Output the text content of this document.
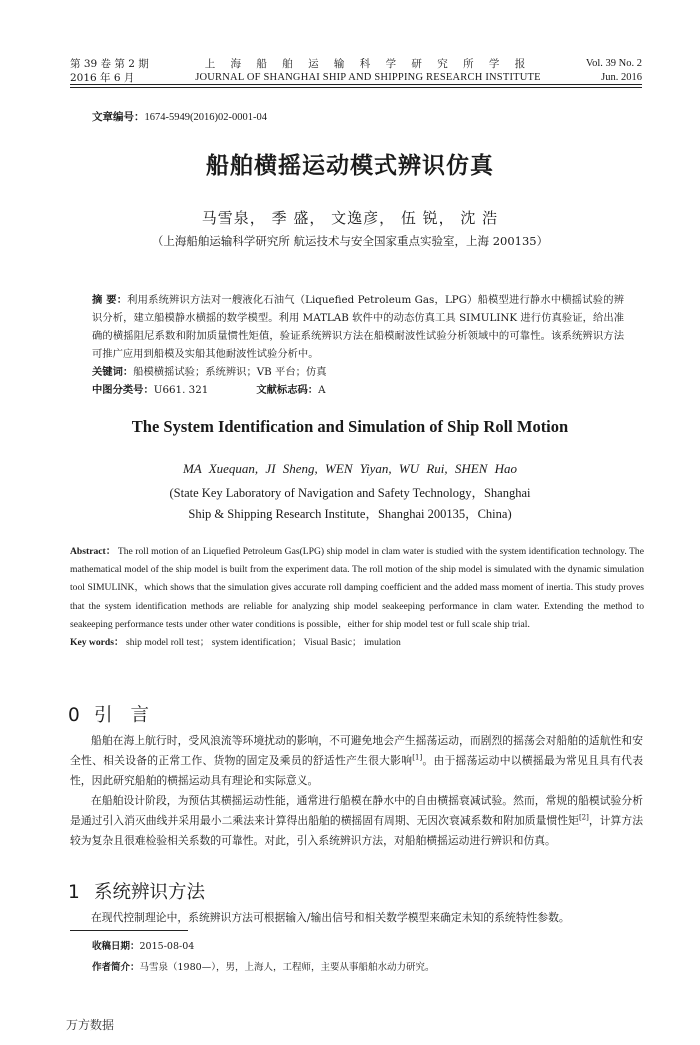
第 39 卷 第 2 期
2016 年 6 月
上 海 船 舶 运 输 科 学 研 究 所 学 报
JOURNAL OF SHANGHAI SHIP AND SHIPPING RESEARCH INSTITUTE
Vol. 39 No. 2
Jun. 2016
文章编号：1674-5949(2016)02-0001-04
船舶横摇运动模式辨识仿真
马雪泉， 季 盛， 文逸彦， 伍 锐， 沈 浩
（上海船舶运输科学研究所 航运技术与安全国家重点实验室，上海 200135）
摘 要：利用系统辨识方法对一艘液化石油气（Liquefied Petroleum Gas，LPG）船模型进行静水中横摇试验的辨识分析，建立船模静水横摇的数学模型。利用 MATLAB 软件中的动态仿真工具 SIMULINK 进行仿真验证，给出准确的横摇阻尼系数和附加质量惯性矩值，验证系统辨识方法在船模耐波性试验分析领域中的可靠性。该系统辨识方法可推广应用到船模及实船其他耐波性试验分析中。
关键词：船模横摇试验；系统辨识；VB 平台；仿真
中图分类号：U661. 321	文献标志码：A
The System Identification and Simulation of Ship Roll Motion
MA Xuequan, JI Sheng, WEN Yiyan, WU Rui, SHEN Hao
(State Key Laboratory of Navigation and Safety Technology，Shanghai
Ship & Shipping Research Institute，Shanghai 200135，China)
Abstract： The roll motion of an Liquefied Petroleum Gas(LPG) ship model in clam water is studied with the system identification technology. The mathematical model of the ship model is built from the experiment data. The roll motion of the ship model is simulated with the dynamic simulation tool SIMULINK，which shows that the simulation gives accurate roll damping coefficient and the added mass moment of inertia. This study proves that the system identification methods are reliable for analyzing ship model seakeeping performance in clam water. Extending the method to seakeeping performance tests under other water conditions is possible，either for ship model test or full scale ship trial.
Key words： ship model roll test； system identification； Visual Basic； imulation
0 引言
船舶在海上航行时，受风浪流等环境扰动的影响，不可避免地会产生摇荡运动，而剧烈的摇荡会对船舶的适航性和安全性、相关设备的正常工作、货物的固定及乘员的舒适性产生很大影响[1]。由于摇荡运动中以横摇最为常见且具有代表性，因此研究船舶的横摇运动具有理论和实际意义。
在船舶设计阶段，为预估其横摇运动性能，通常进行船模在静水中的自由横摇衰减试验。然而，常规的船模试验分析是通过引入消灭曲线并采用最小二乘法来计算得出船舶的横摇固有周期、无因次衰减系数和附加质量惯性矩[2]，计算方法较为复杂且很难检验相关系数的可靠性。对此，引入系统辨识方法，对船舶横摇运动进行辨识和仿真。
1 系统辨识方法
在现代控制理论中，系统辨识方法可根据输入/输出信号和相关数学模型来确定未知的系统特性参数。
收稿日期：2015-08-04
作者简介：马雪泉（1980—），男，上海人，工程师，主要从事船舶水动力研究。
万方数据
